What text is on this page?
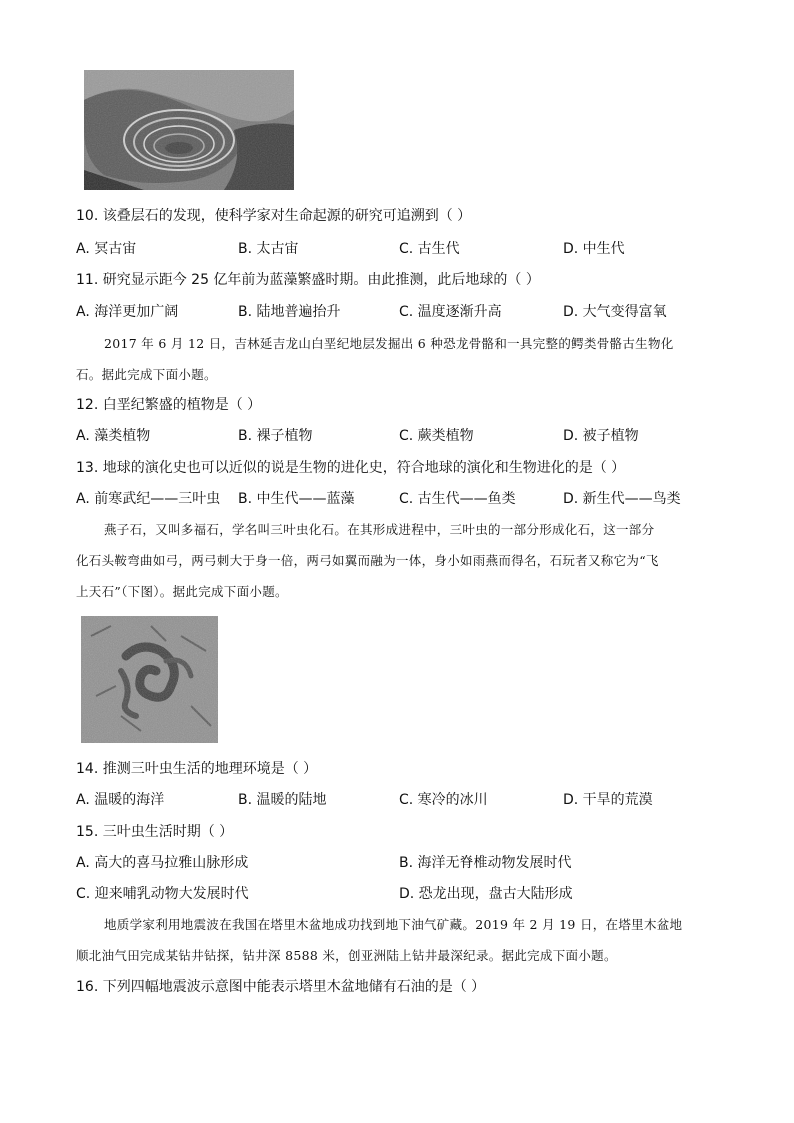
10. 该叠层石的发现，使科学家对生命起源的研究可追溯到（ ）
A. 冥古宙	B. 太古宙	C. 古生代	D. 中生代
11. 研究显示距今 25 亿年前为蓝藻繁盛时期。由此推测，此后地球的（ ）
A. 海洋更加广阔	B. 陆地普遍抬升	C. 温度逐渐升高	D. 大气变得富氧
2017 年 6 月 12 日，吉林延吉龙山白垩纪地层发掘出 6 种恐龙骨骼和一具完整的鳄类骨骼古生物化
石。据此完成下面小题。
12. 白垩纪繁盛的植物是（ ）
A. 藻类植物	B. 裸子植物	C. 蕨类植物	D. 被子植物
13. 地球的演化史也可以近似的说是生物的进化史，符合地球的演化和生物进化的是（ ）
A. 前寒武纪——三叶虫 B. 中生代——蓝藻	C. 古生代——鱼类	D. 新生代——鸟类
燕子石，又叫多福石，学名叫三叶虫化石。在其形成进程中，三叶虫的一部分形成化石，这一部分
化石头鞍弯曲如弓，两弓刺大于身一倍，两弓如翼而融为一体，身小如雨燕而得名，石玩者又称它为“飞
上天石”（下图）。据此完成下面小题。
14. 推测三叶虫生活的地理环境是（ ）
A. 温暖的海洋	B. 温暖的陆地	C. 寒冷的冰川	D. 干旱的荒漠
15. 三叶虫生活时期（ ）
A. 高大的喜马拉雅山脉形成	B. 海洋无脊椎动物发展时代
C. 迎来哺乳动物大发展时代	D. 恐龙出现，盘古大陆形成
地质学家利用地震波在我国在塔里木盆地成功找到地下油气矿藏。2019 年 2 月 19 日，在塔里木盆地
顺北油气田完成某钻井钻探，钻井深 8588 米，创亚洲陆上钻井最深纪录。据此完成下面小题。
16. 下列四幅地震波示意图中能表示塔里木盆地储有石油的是（ ）
